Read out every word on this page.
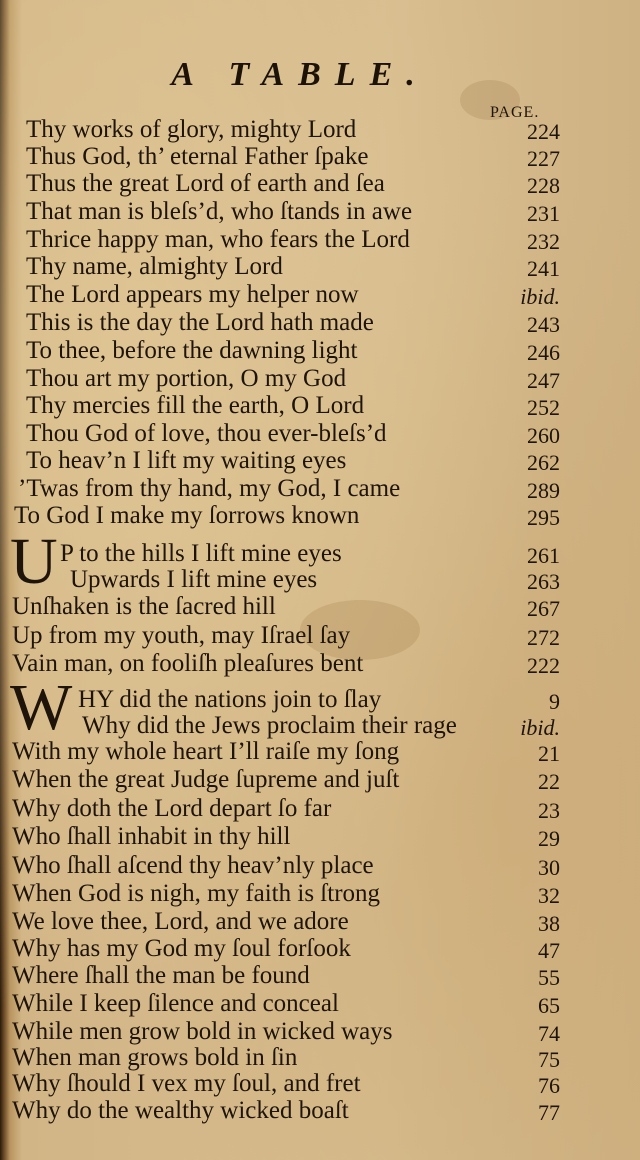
A TABLE.
PAGE.
Thy works of glory, mighty Lord	224
Thus God, th’ eternal Father ſpake	227
Thus the great Lord of earth and ſea	228
That man is bleſs’d, who ſtands in awe	231
Thrice happy man, who fears the Lord	232
Thy name, almighty Lord	241
The Lord appears my helper now	ibid.
This is the day the Lord hath made	243
To thee, before the dawning light	246
Thou art my portion, O my God	247
Thy mercies fill the earth, O Lord	252
Thou God of love, thou ever-bleſs’d	260
To heav’n I lift my waiting eyes	262
’Twas from thy hand, my God, I came	289
To God I make my ſorrows known	295
U P to the hills I lift mine eyes	261
Upwards I lift mine eyes	263
Unſhaken is the ſacred hill	267
Up from my youth, may Iſrael ſay	272
Vain man, on fooliſh pleaſures bent	222
W HY did the nations join to ſlay	9
Why did the Jews proclaim their rage	ibid.
With my whole heart I’ll raiſe my ſong	21
When the great Judge ſupreme and juſt	22
Why doth the Lord depart ſo far	23
Who ſhall inhabit in thy hill	29
Who ſhall aſcend thy heav’nly place	30
When God is nigh, my faith is ſtrong	32
We love thee, Lord, and we adore	38
Why has my God my ſoul forſook	47
Where ſhall the man be found	55
While I keep ſilence and conceal	65
While men grow bold in wicked ways	74
When man grows bold in ſin	75
Why ſhould I vex my ſoul, and fret	76
Why do the wealthy wicked boaſt	77
